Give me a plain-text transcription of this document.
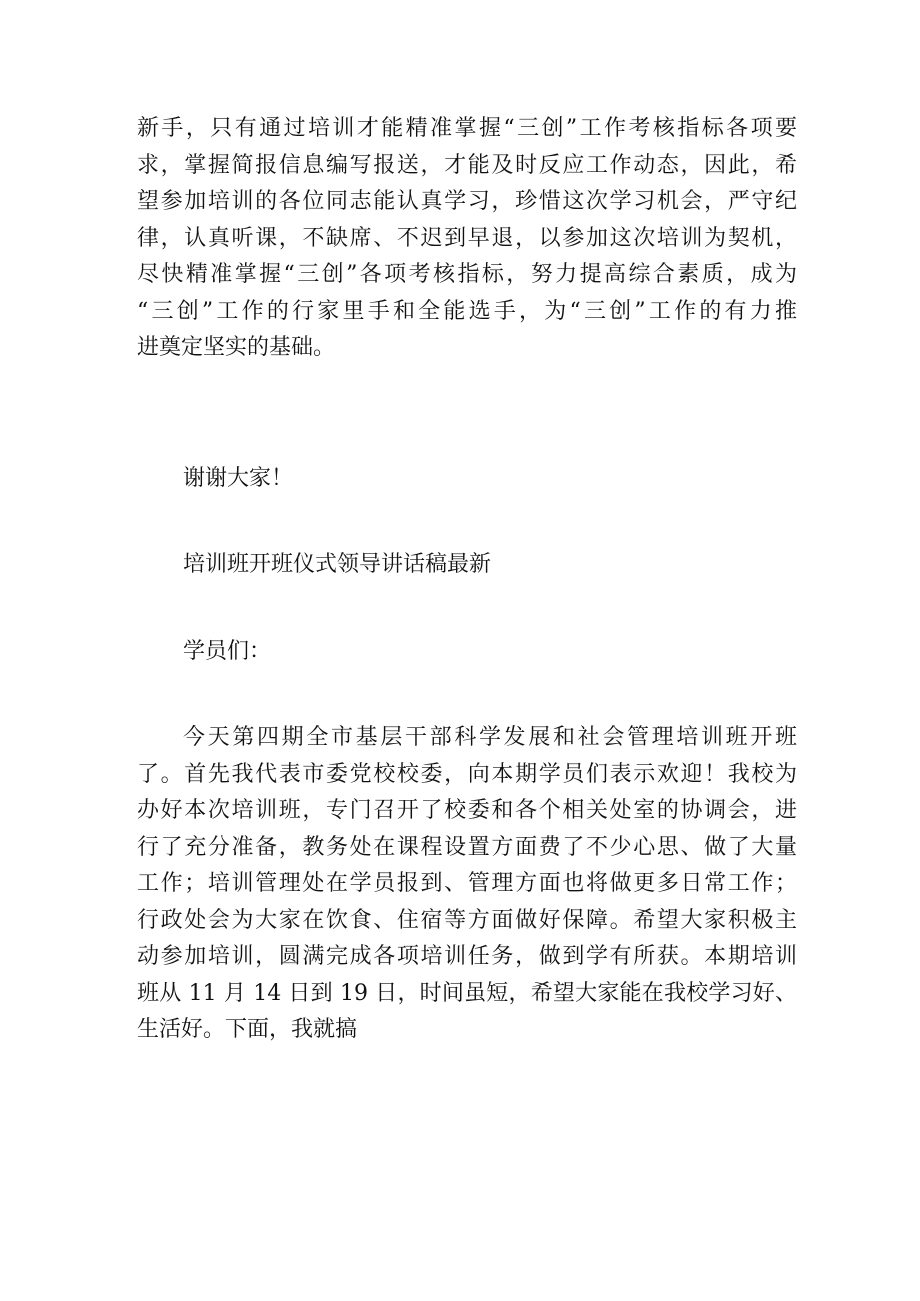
新手，只有通过培训才能精准掌握“三创”工作考核指标各项要
求，掌握简报信息编写报送，才能及时反应工作动态，因此，希
望参加培训的各位同志能认真学习，珍惜这次学习机会，严守纪
律，认真听课，不缺席、不迟到早退，以参加这次培训为契机，
尽快精准掌握“三创”各项考核指标，努力提高综合素质，成为
“三创”工作的行家里手和全能选手，为“三创”工作的有力推
进奠定坚实的基础。
谢谢大家！
培训班开班仪式领导讲话稿最新
学员们：
今天第四期全市基层干部科学发展和社会管理培训班开班
了。首先我代表市委党校校委，向本期学员们表示欢迎！我校为
办好本次培训班，专门召开了校委和各个相关处室的协调会，进
行了充分准备，教务处在课程设置方面费了不少心思、做了大量
工作；培训管理处在学员报到、管理方面也将做更多日常工作；
行政处会为大家在饮食、住宿等方面做好保障。希望大家积极主
动参加培训，圆满完成各项培训任务，做到学有所获。本期培训
班从 11 月 14 日到 19 日，时间虽短，希望大家能在我校学习好、
生活好。下面，我就搞
